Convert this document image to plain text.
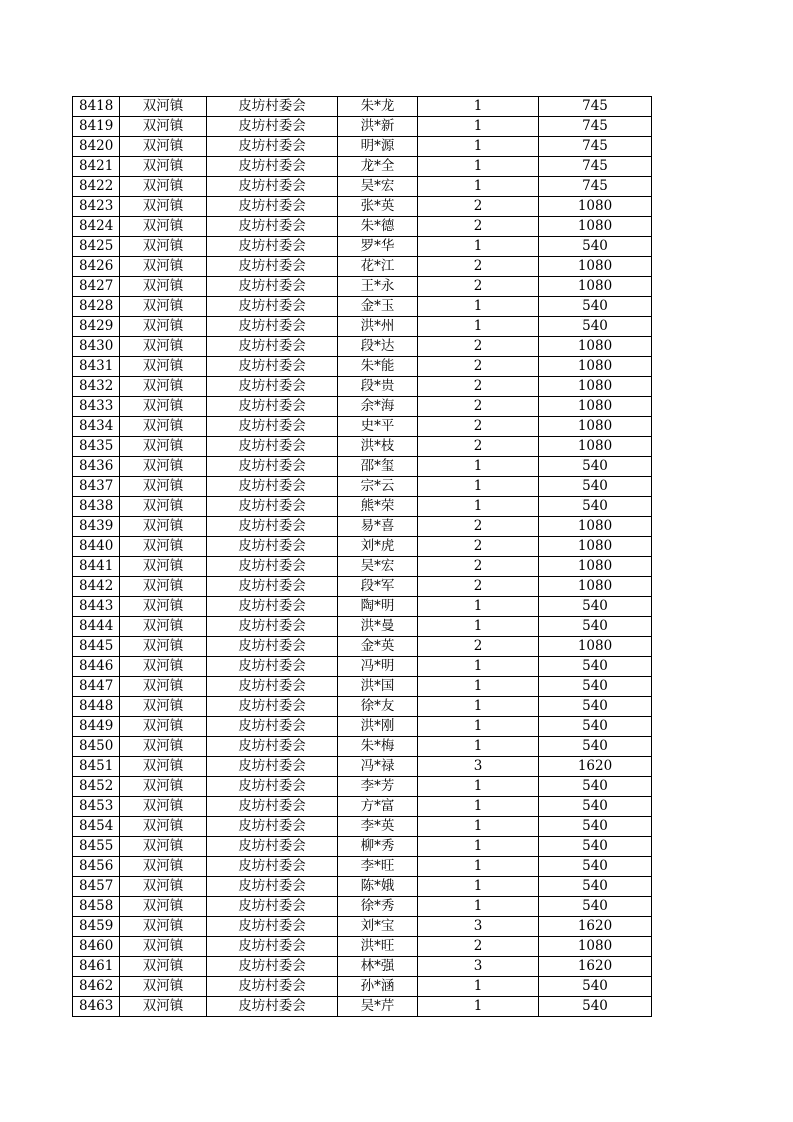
8418	双河镇	皮坊村委会	朱*龙	1	745
8419	双河镇	皮坊村委会	洪*新	1	745
8420	双河镇	皮坊村委会	明*源	1	745
8421	双河镇	皮坊村委会	龙*全	1	745
8422	双河镇	皮坊村委会	吴*宏	1	745
8423	双河镇	皮坊村委会	张*英	2	1080
8424	双河镇	皮坊村委会	朱*德	2	1080
8425	双河镇	皮坊村委会	罗*华	1	540
8426	双河镇	皮坊村委会	花*江	2	1080
8427	双河镇	皮坊村委会	王*永	2	1080
8428	双河镇	皮坊村委会	金*玉	1	540
8429	双河镇	皮坊村委会	洪*州	1	540
8430	双河镇	皮坊村委会	段*达	2	1080
8431	双河镇	皮坊村委会	朱*能	2	1080
8432	双河镇	皮坊村委会	段*贵	2	1080
8433	双河镇	皮坊村委会	余*海	2	1080
8434	双河镇	皮坊村委会	史*平	2	1080
8435	双河镇	皮坊村委会	洪*枝	2	1080
8436	双河镇	皮坊村委会	邵*玺	1	540
8437	双河镇	皮坊村委会	宗*云	1	540
8438	双河镇	皮坊村委会	熊*荣	1	540
8439	双河镇	皮坊村委会	易*喜	2	1080
8440	双河镇	皮坊村委会	刘*虎	2	1080
8441	双河镇	皮坊村委会	吴*宏	2	1080
8442	双河镇	皮坊村委会	段*军	2	1080
8443	双河镇	皮坊村委会	陶*明	1	540
8444	双河镇	皮坊村委会	洪*曼	1	540
8445	双河镇	皮坊村委会	金*英	2	1080
8446	双河镇	皮坊村委会	冯*明	1	540
8447	双河镇	皮坊村委会	洪*国	1	540
8448	双河镇	皮坊村委会	徐*友	1	540
8449	双河镇	皮坊村委会	洪*刚	1	540
8450	双河镇	皮坊村委会	朱*梅	1	540
8451	双河镇	皮坊村委会	冯*禄	3	1620
8452	双河镇	皮坊村委会	李*芳	1	540
8453	双河镇	皮坊村委会	方*富	1	540
8454	双河镇	皮坊村委会	李*英	1	540
8455	双河镇	皮坊村委会	柳*秀	1	540
8456	双河镇	皮坊村委会	李*旺	1	540
8457	双河镇	皮坊村委会	陈*娥	1	540
8458	双河镇	皮坊村委会	徐*秀	1	540
8459	双河镇	皮坊村委会	刘*宝	3	1620
8460	双河镇	皮坊村委会	洪*旺	2	1080
8461	双河镇	皮坊村委会	林*强	3	1620
8462	双河镇	皮坊村委会	孙*涵	1	540
8463	双河镇	皮坊村委会	吴*芹	1	540
